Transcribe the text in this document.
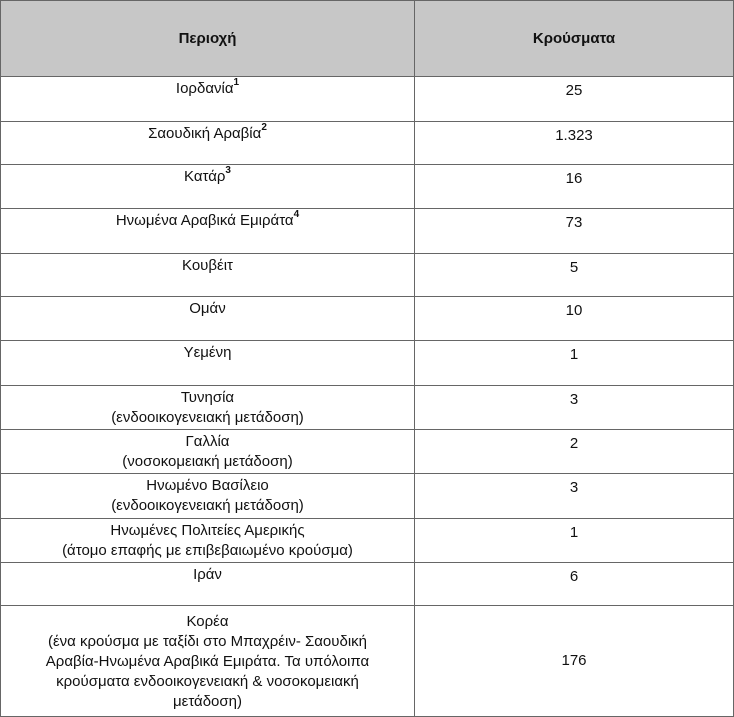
Περιοχή	Κρούσματα

Ιορδανία$^1$	25

Σαουδική Αραβία$^2$	1.323

Κατάρ$^3$	16

Ηνωμένα Αραβικά Εμιράτα$^4$	73

Κουβέιτ	5

Ομάν	10

Υεμένη	1

Τυνησία
(ενδοοικογενειακή μετάδοση)	3

Γαλλία
(νοσοκομειακή μετάδοση)	2

Ηνωμένο Βασίλειο
(ενδοοικογενειακή μετάδοση)	3

Ηνωμένες Πολιτείες Αμερικής
(άτομο επαφής με επιβεβαιωμένο κρούσμα)	1

Ιράν	6

Κορέα
(ένα κρούσμα με ταξίδι στο Μπαχρέιν- Σαουδική
Αραβία-Ηνωμένα Αραβικά Εμιράτα. Τα υπόλοιπα
κρούσματα ενδοοικογενειακή & νοσοκομειακή
μετάδοση)	176
